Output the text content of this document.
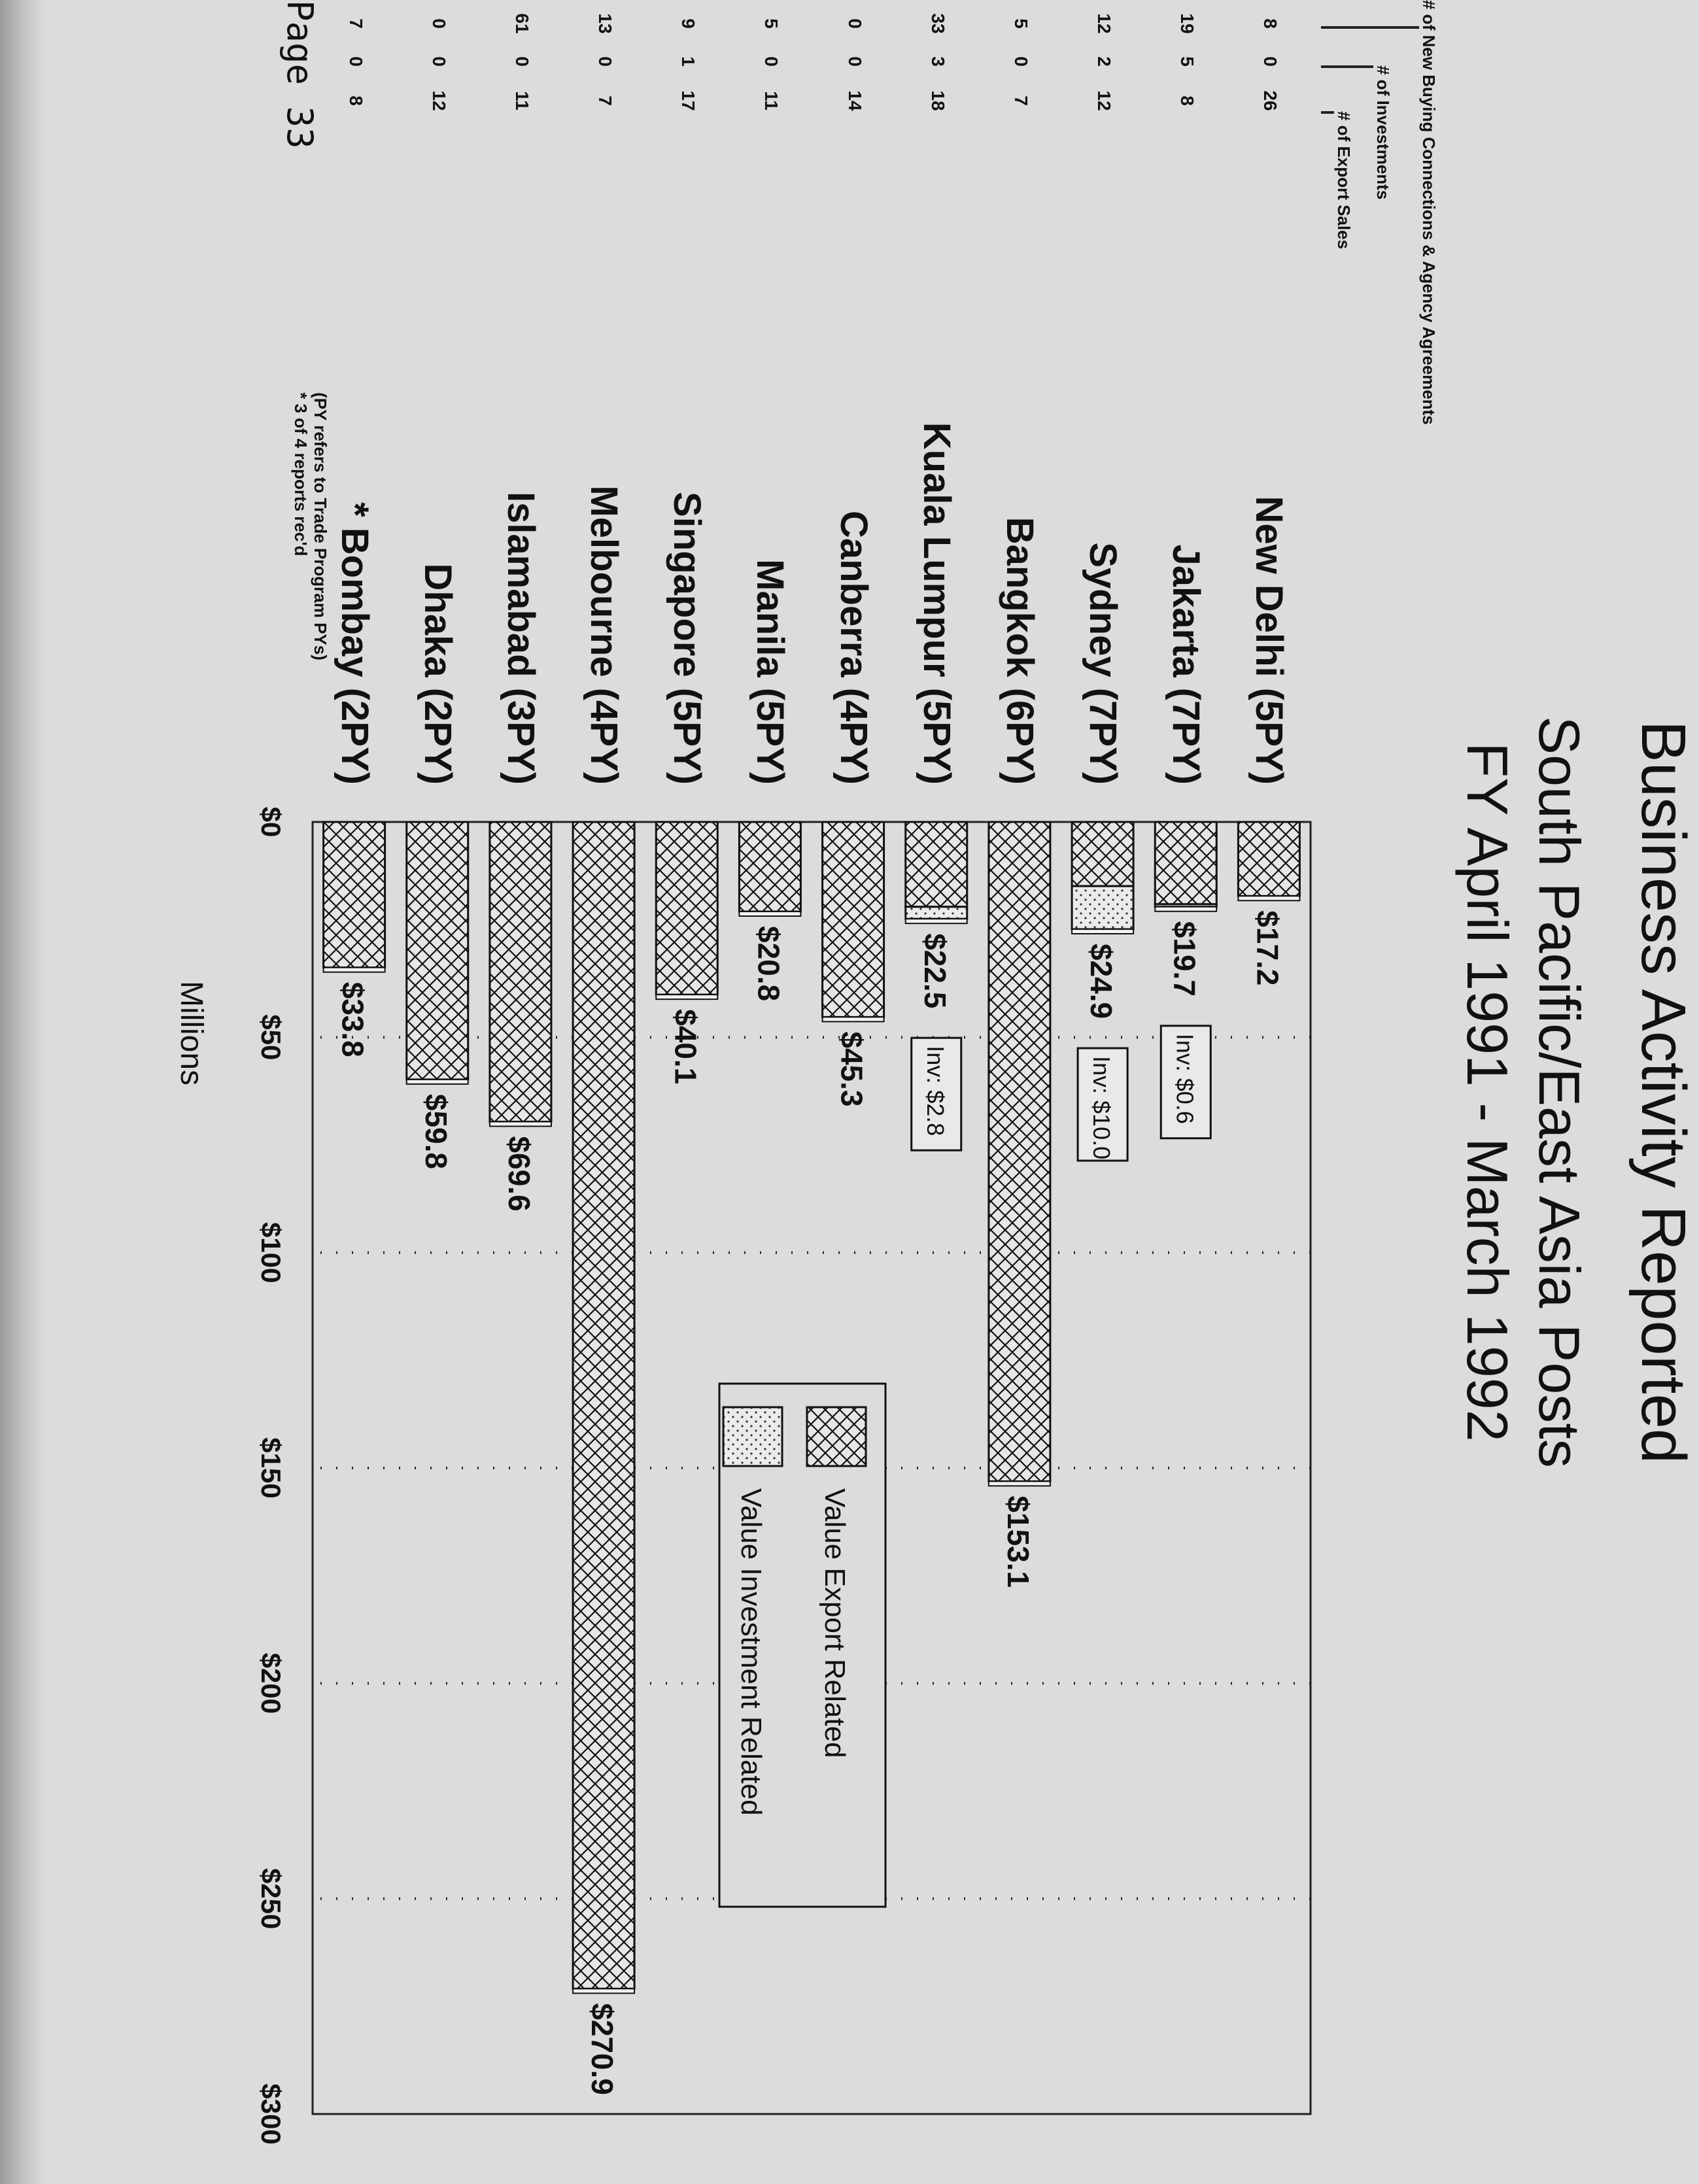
Business Activity Reported
South Pacific/East Asia Posts
FY April 1991 - March 1992
# of New Buying Connections & Agency Agreements
# of Investments
# of Export Sales
$0
$50
$100
$150
$200
$250
$300
New Delhi (5PY)
8
0
26
Jakarta (7PY)
19
5
8
Sydney (7PY)
12
2
12
Bangkok (6PY)
5
0
7
Kuala Lumpur (5PY)
33
3
18
Canberra (4PY)
0
0
14
Manila (5PY)
5
0
11
Singapore (5PY)
9
1
17
Melbourne (4PY)
13
0
7
Islamabad (3PY)
61
0
11
Dhaka (2PY)
0
0
12
* Bombay (2PY)
7
0
8
Millions
(PY refers to Trade Program PYs)
* 3 of 4 reports rec'd
$17.2
$19.7
Inv: $0.6
$24.9
Inv: $10.0
$153.1
$22.5
Inv: $2.8
$45.3
$20.8
$40.1
$270.9
$69.6
$59.8
$33.8
Value Export Related
Value Investment Related
Page 33
